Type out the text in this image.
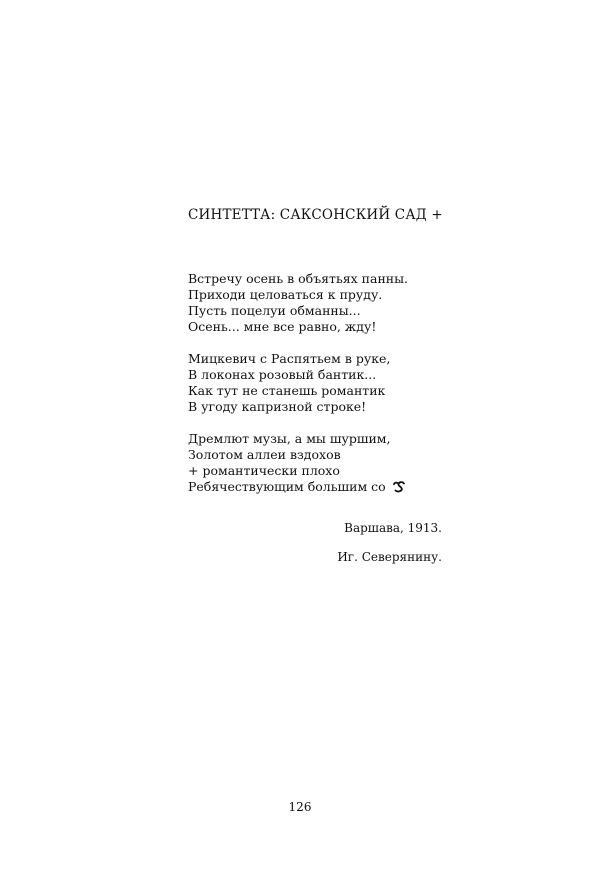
СИНТЕТТА: САКСОНСКИЙ САД +
Встречу осень в объятьях панны.
Приходи целоваться к пруду.
Пусть поцелуи обманны...
Осень... мне все равно, жду!
Мицкевич с Распятьем в руке,
В локонах розовый бантик...
Как тут не станешь романтик
В угоду капризной строке!
Дремлют музы, а мы шуршим,
Золотом аллеи вздохов
+ романтически плохо
Ребячествующим большим со
Варшава, 1913.
Иг. Северянину.
126
